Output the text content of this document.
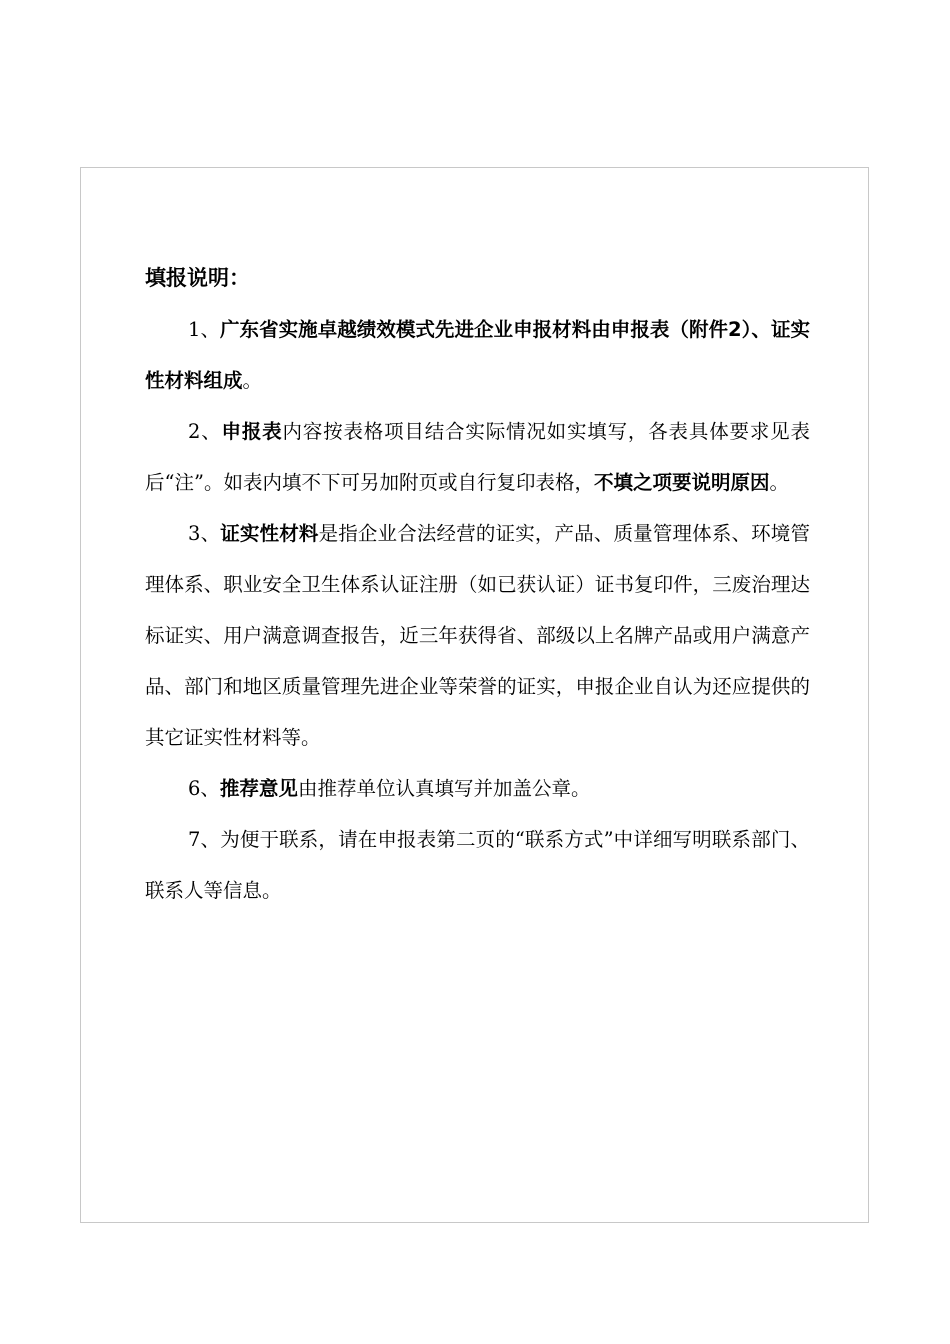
填报说明：

1、广东省实施卓越绩效模式先进企业申报材料由申报表（附件2）、证实性材料组成。

2、申报表内容按表格项目结合实际情况如实填写，各表具体要求见表后“注”。如表内填不下可另加附页或自行复印表格，不填之项要说明原因。

3、证实性材料是指企业合法经营的证实，产品、质量管理体系、环境管理体系、职业安全卫生体系认证注册（如已获认证）证书复印件，三废治理达标证实、用户满意调查报告，近三年获得省、部级以上名牌产品或用户满意产品、部门和地区质量管理先进企业等荣誉的证实，申报企业自认为还应提供的其它证实性材料等。

6、推荐意见由推荐单位认真填写并加盖公章。

7、为便于联系，请在申报表第二页的“联系方式”中详细写明联系部门、联系人等信息。
